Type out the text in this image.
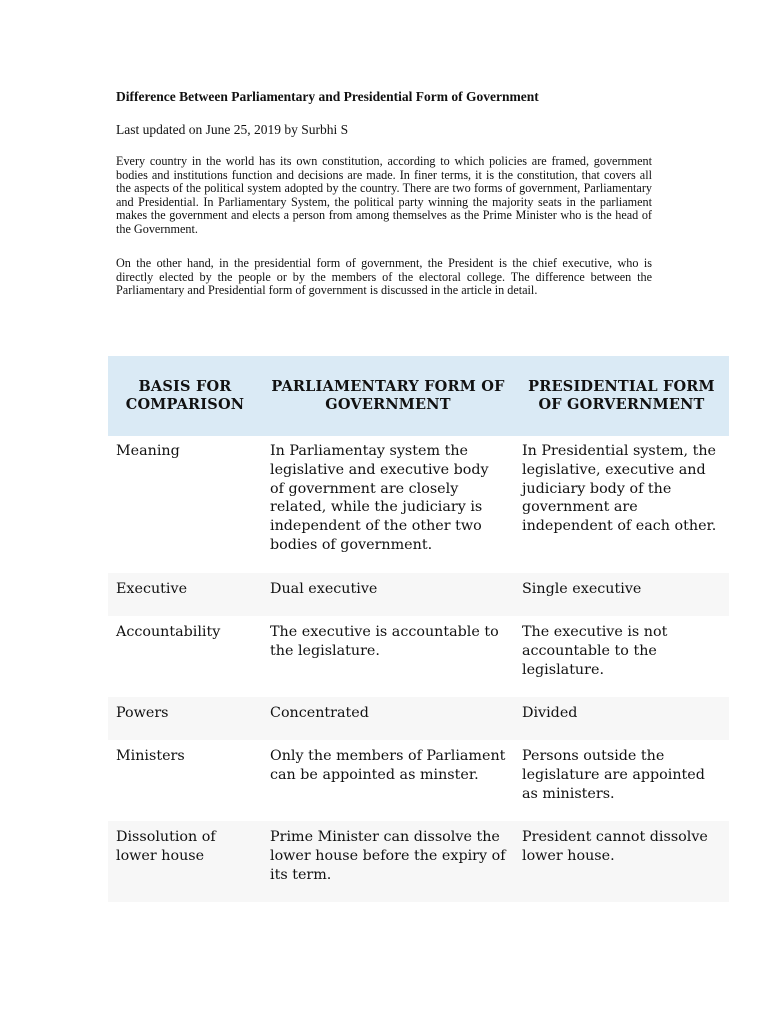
Difference Between Parliamentary and Presidential Form of Government

Last updated on June 25, 2019 by Surbhi S

Every country in the world has its own constitution, according to which policies are framed, government bodies and institutions function and decisions are made. In finer terms, it is the constitution, that covers all the aspects of the political system adopted by the country. There are two forms of government, Parliamentary and Presidential. In Parliamentary System, the political party winning the majority seats in the parliament makes the government and elects a person from among themselves as the Prime Minister who is the head of the Government.

On the other hand, in the presidential form of government, the President is the chief executive, who is directly elected by the people or by the members of the electoral college. The difference between the Parliamentary and Presidential form of government is discussed in the article in detail.

BASIS FOR COMPARISON	PARLIAMENTARY FORM OF GOVERNMENT	PRESIDENTIAL FORM OF GORVERNMENT
Meaning	In Parliamentay system the legislative and executive body of government are closely related, while the judiciary is independent of the other two bodies of government.	In Presidential system, the legislative, executive and judiciary body of the government are independent of each other.
Executive	Dual executive	Single executive
Accountability	The executive is accountable to the legislature.	The executive is not accountable to the legislature.
Powers	Concentrated	Divided
Ministers	Only the members of Parliament can be appointed as minster.	Persons outside the legislature are appointed as ministers.
Dissolution of lower house	Prime Minister can dissolve the lower house before the expiry of its term.	President cannot dissolve lower house.
